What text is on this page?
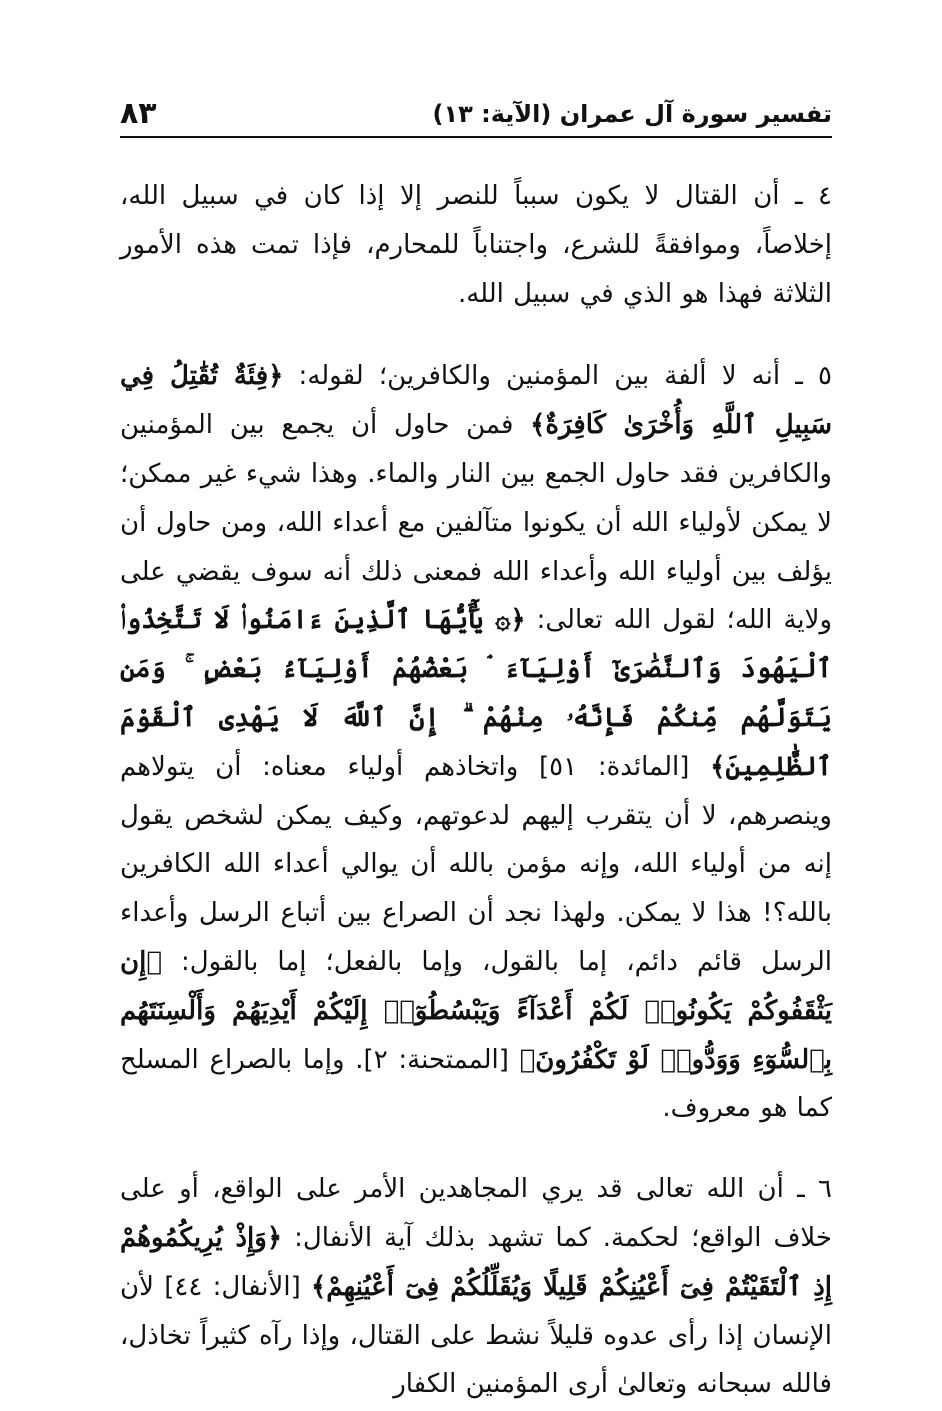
تفسير سورة آل عمران (الآية: ١٣)
٨٣

٤ ـ أن القتال لا يكون سبباً للنصر إلا إذا كان في سبيل الله، إخلاصاً، وموافقةً للشرع، واجتناباً للمحارم، فإذا تمت هذه الأمور الثلاثة فهذا هو الذي في سبيل الله.

٥ ـ أنه لا ألفة بين المؤمنين والكافرين؛ لقوله: ﴿فِئَةٌ تُقَٰتِلُ فِي سَبِيلِ ٱللَّهِ وَأُخْرَىٰ كَافِرَةٌ﴾ فمن حاول أن يجمع بين المؤمنين والكافرين فقد حاول الجمع بين النار والماء. وهذا شيء غير ممكن؛ لا يمكن لأولياء الله أن يكونوا متآلفين مع أعداء الله، ومن حاول أن يؤلف بين أولياء الله وأعداء الله فمعنى ذلك أنه سوف يقضي على ولاية الله؛ لقول الله تعالى: ﴿۞ يَٰٓأَيُّهَا ٱلَّذِينَ ءَامَنُوا۟ لَا تَتَّخِذُوا۟ ٱلْيَهُودَ وَٱلنَّصَٰرَىٰٓ أَوْلِيَآءَ ۘ بَعْضُهُمْ أَوْلِيَآءُ بَعْضٍ ۚ وَمَن يَتَوَلَّهُم مِّنكُمْ فَإِنَّهُۥ مِنْهُمْ ۗ إِنَّ ٱللَّهَ لَا يَهْدِى ٱلْقَوْمَ ٱلظَّٰلِمِينَ﴾ [المائدة: ٥١] واتخاذهم أولياء معناه: أن يتولاهم وينصرهم، لا أن يتقرب إليهم لدعوتهم، وكيف يمكن لشخص يقول إنه من أولياء الله، وإنه مؤمن بالله أن يوالي أعداء الله الكافرين بالله؟! هذا لا يمكن. ولهذا نجد أن الصراع بين أتباع الرسل وأعداء الرسل قائم دائم، إما بالقول، وإما بالفعل؛ إما بالقول: ﴿إِن يَثْقَفُوكُمْ يَكُونُوا۟ لَكُمْ أَعْدَآءً وَيَبْسُطُوٓا۟ إِلَيْكُمْ أَيْدِيَهُمْ وَأَلْسِنَتَهُم بِٱلسُّوٓءِ وَوَدُّوا۟ لَوْ تَكْفُرُونَ﴾ [الممتحنة: ٢]. وإما بالصراع المسلح كما هو معروف.

٦ ـ أن الله تعالى قد يري المجاهدين الأمر على الواقع، أو على خلاف الواقع؛ لحكمة. كما تشهد بذلك آية الأنفال: ﴿وَإِذْ يُرِيكُمُوهُمْ إِذِ ٱلْتَقَيْتُمْ فِىٓ أَعْيُنِكُمْ قَلِيلًا وَيُقَلِّلُكُمْ فِىٓ أَعْيُنِهِمْ﴾ [الأنفال: ٤٤] لأن الإنسان إذا رأى عدوه قليلاً نشط على القتال، وإذا رآه كثيراً تخاذل، فالله سبحانه وتعالىٰ أرى المؤمنين الكفار
